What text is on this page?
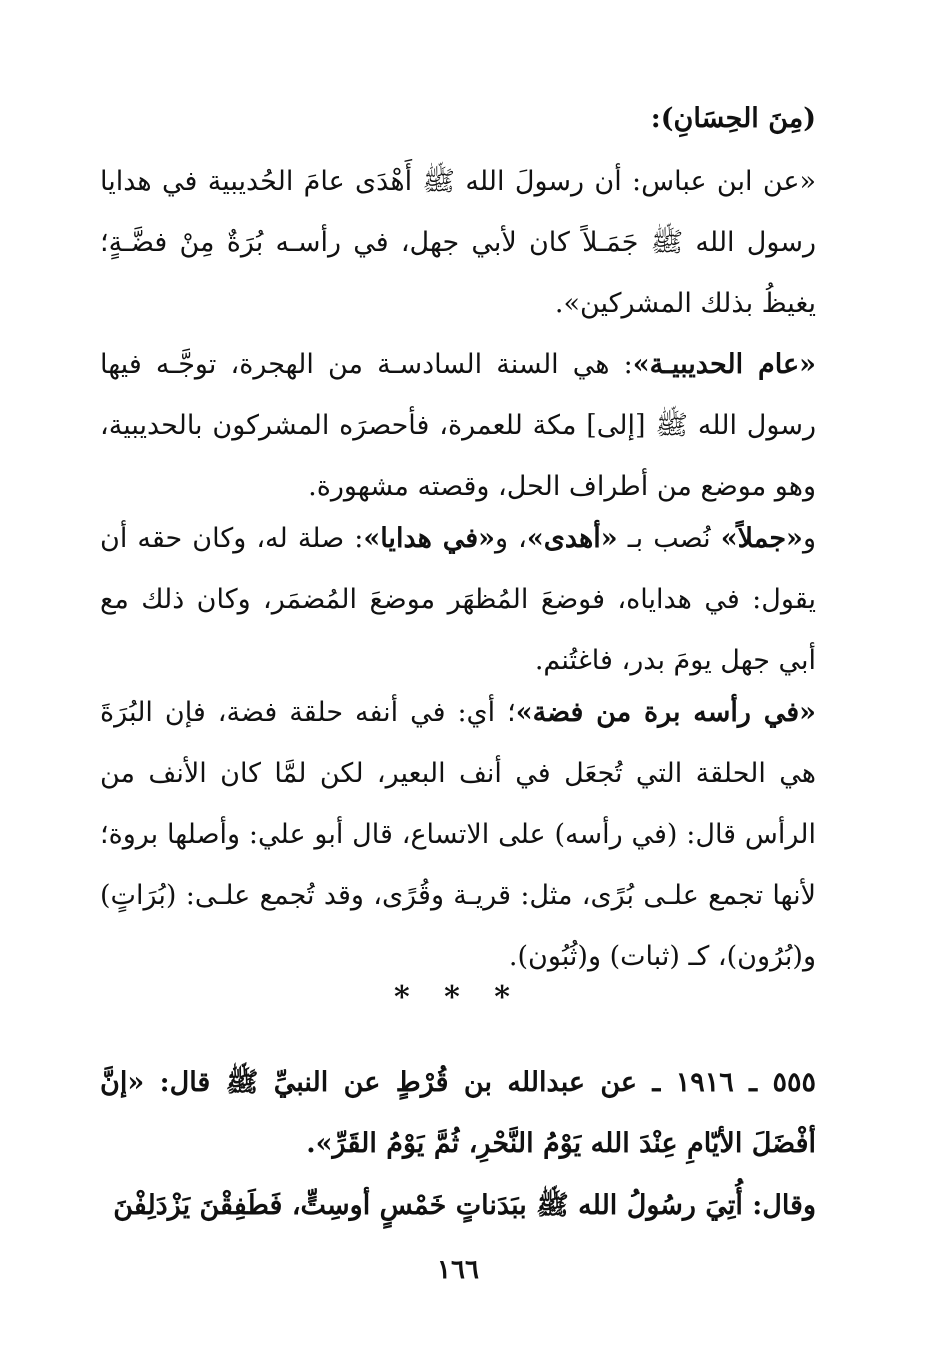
(مِنَ الحِسَانِ):

«عن ابن عباس: أن رسولَ الله ﷺ أَهْدَى عامَ الحُديبية في هدايا رسول الله ﷺ جَمَـلاً كان لأبي جهل، في رأسـه بُرَةٌ مِنْ فضَّـةٍ؛ يغيظُ بذلك المشركين».

«عام الحديبيـة»: هي السنة السادسـة من الهجرة، توجَّـه فيها رسول الله ﷺ [إلى] مكة للعمرة، فأحصرَه المشركون بالحديبية، وهو موضع من أطراف الحل، وقصته مشهورة.

و«جملاً» نُصب بـ «أهدى»، و«في هدايا»: صلة له، وكان حقه أن يقول: في هداياه، فوضعَ المُظهَر موضعَ المُضمَر، وكان ذلك مع أبي جهل يومَ بدر، فاغتُنم.

«في رأسه برة من فضة»؛ أي: في أنفه حلقة فضة، فإن البُرَةَ هي الحلقة التي تُجعَل في أنف البعير، لكن لمَّا كان الأنف من الرأس قال: (في رأسه) على الاتساع، قال أبو علي: وأصلها بروة؛ لأنها تجمع علـى بُرًى، مثل: قريـة وقُرًى، وقد تُجمع علـى: (بُرَاتٍ) و(بُرُون)، كـ (ثبات) و(ثُبُون).

* * *

٥٥٥ ـ ١٩١٦ ـ عن عبدالله بن قُرْطٍ عن النبيِّ ﷺ قال: «إنَّ أفْضَلَ الأيّامِ عِنْدَ الله يَوْمُ النَّحْرِ، ثُمَّ يَوْمُ القَرِّ».

وقال: أُتِيَ رسُولُ الله ﷺ ببَدَناتٍ خَمْسٍ أوسِتٍّ، فَطَفِقْنَ يَزْدَلِفْنَ

١٦٦
